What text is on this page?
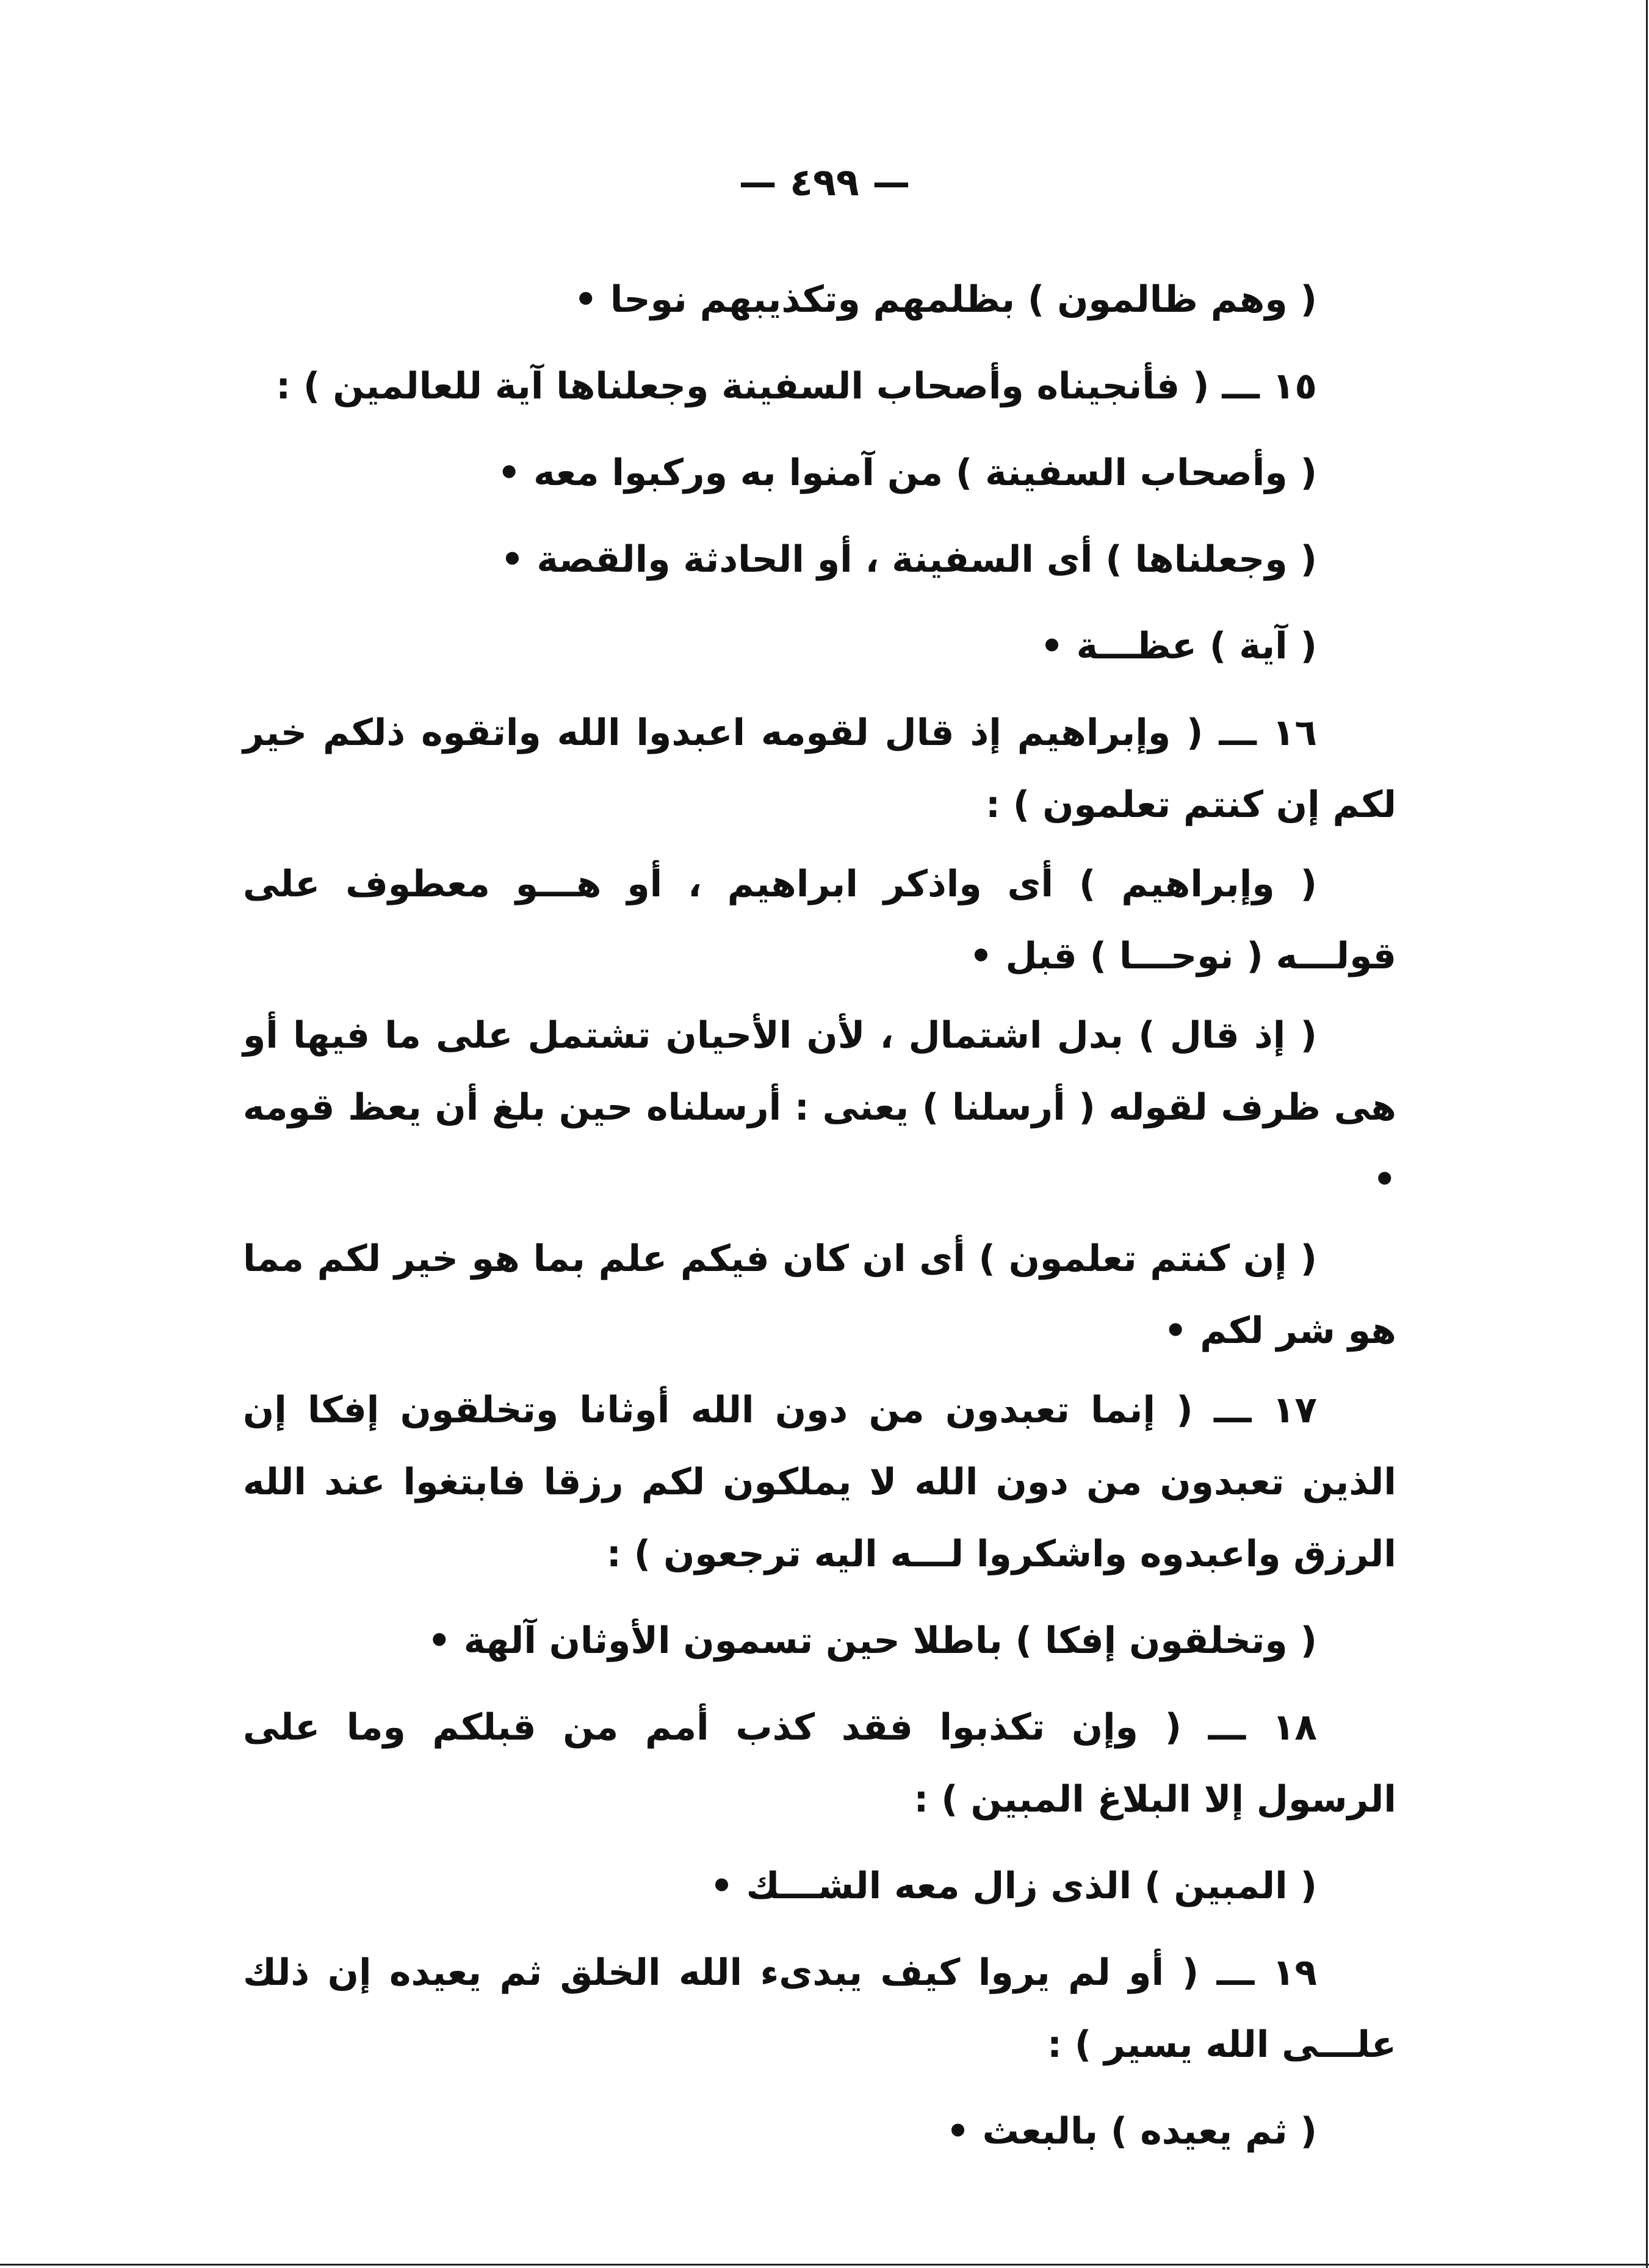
— ٤٩٩ —

( وهم ظالمون ) بظلمهم وتكذيبهم نوحا •

١٥ ـــ ( فأنجيناه وأصحاب السفينة وجعلناها آية للعالمين ) :

( وأصحاب السفينة ) من آمنوا به وركبوا معه •

( وجعلناها ) أى السفينة ، أو الحادثة والقصة •

( آية ) عظـــة •

١٦ ـــ ( وإبراهيم إذ قال لقومه اعبدوا الله واتقوه ذلكم خير لكم إن كنتم تعلمون ) :

( وإبراهيم ) أى واذكر ابراهيم ، أو هـــو معطوف على قولـــه ( نوحـــا ) قبل •

( إذ قال ) بدل اشتمال ، لأن الأحيان تشتمل على ما فيها أو هى ظرف لقوله ( أرسلنا ) يعنى : أرسلناه حين بلغ أن يعظ قومه •

( إن كنتم تعلمون ) أى ان كان فيكم علم بما هو خير لكم مما هو شر لكم •

١٧ ـــ ( إنما تعبدون من دون الله أوثانا وتخلقون إفكا إن الذين تعبدون من دون الله لا يملكون لكم رزقا فابتغوا عند الله الرزق واعبدوه واشكروا لـــه اليه ترجعون ) :

( وتخلقون إفكا ) باطلا حين تسمون الأوثان آلهة •

١٨ ـــ ( وإن تكذبوا فقد كذب أمم من قبلكم وما على الرسول إلا البلاغ المبين ) :

( المبين ) الذى زال معه الشـــك •

١٩ ـــ ( أو لم يروا كيف يبدىء الله الخلق ثم يعيده إن ذلك علـــى الله يسير ) :

( ثم يعيده ) بالبعث •
